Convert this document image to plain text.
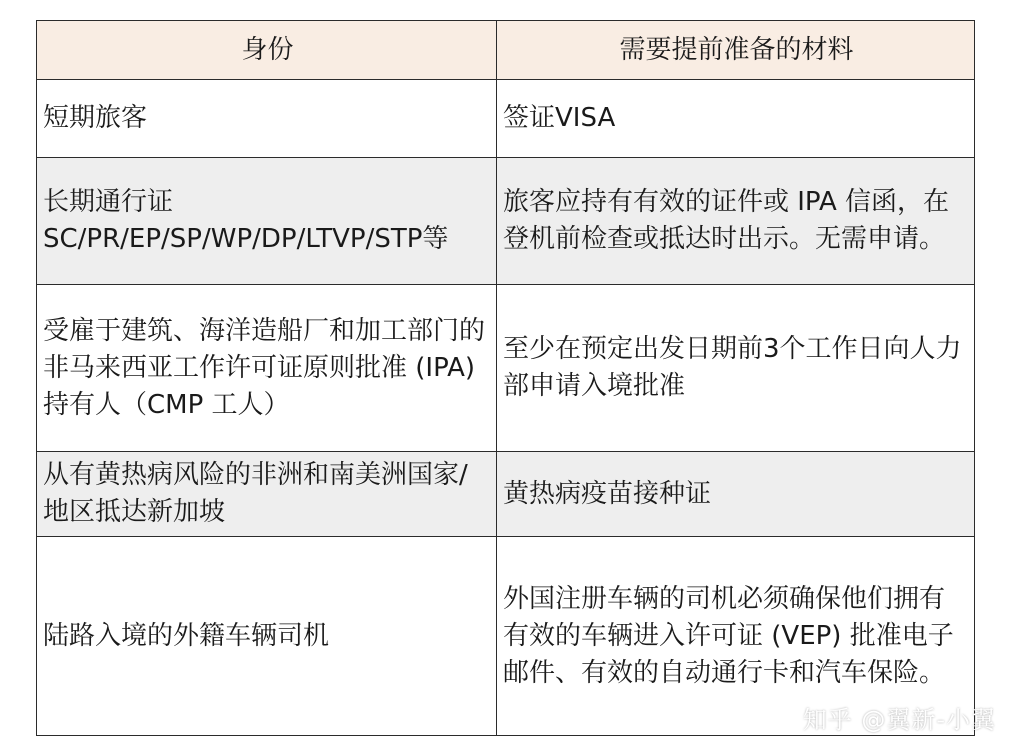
身份	需要提前准备的材料
短期旅客	签证VISA
长期通行证SC/PR/EP/SP/WP/DP/LTVP/STP等	旅客应持有有效的证件或 IPA 信函，在登机前检查或抵达时出示。无需申请。
受雇于建筑、海洋造船厂和加工部门的非马来西亚工作许可证原则批准 (IPA) 持有人（CMP 工人）	至少在预定出发日期前3个工作日向人力部申请入境批准
从有黄热病风险的非洲和南美洲国家/地区抵达新加坡	黄热病疫苗接种证
陆路入境的外籍车辆司机	外国注册车辆的司机必须确保他们拥有有效的车辆进入许可证 (VEP) 批准电子邮件、有效的自动通行卡和汽车保险。
知乎 @翼新-小翼
